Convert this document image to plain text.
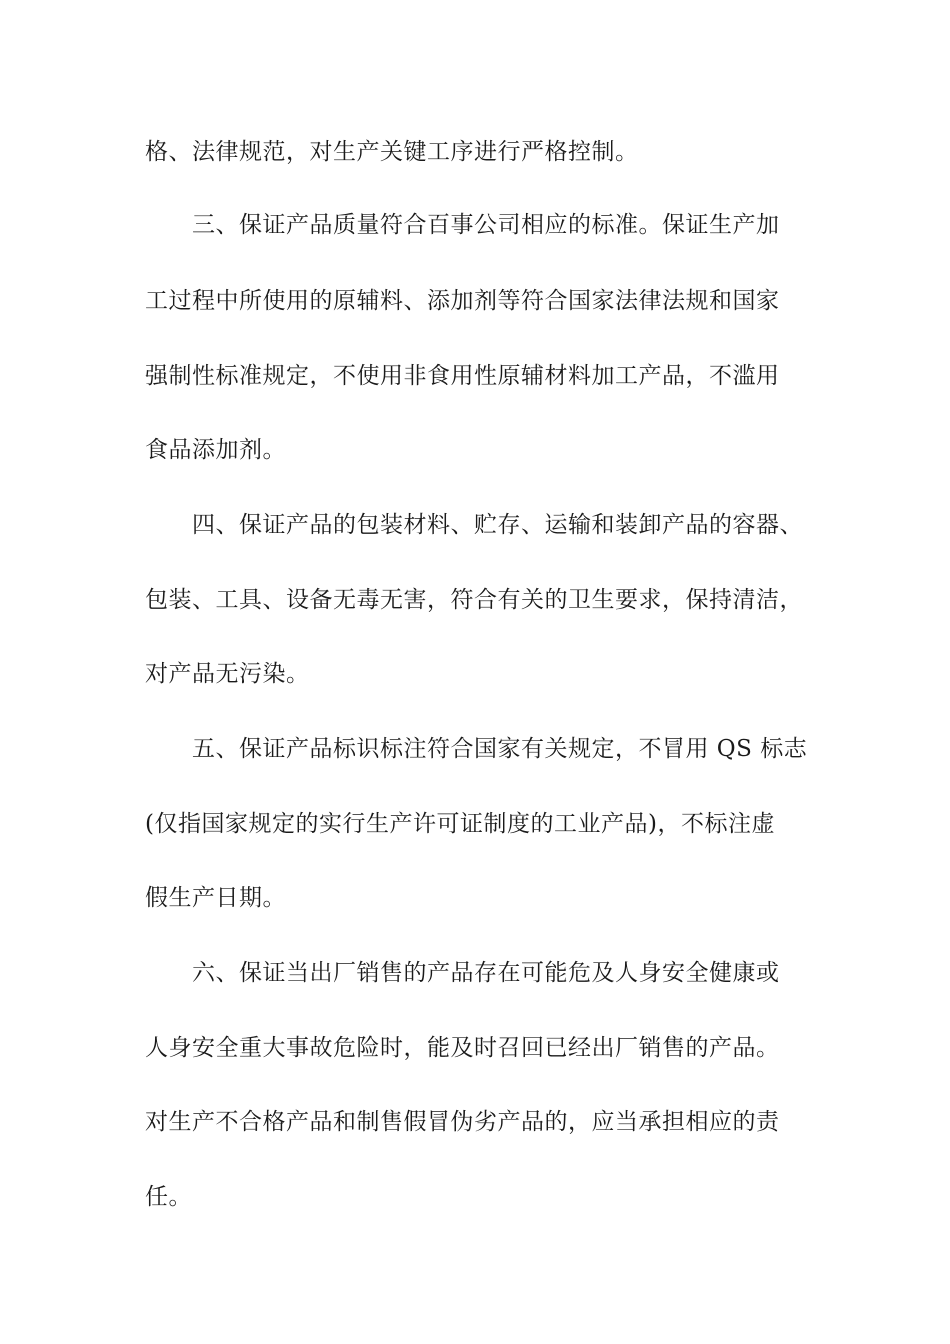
格、法律规范，对生产关键工序进行严格控制。

三、保证产品质量符合百事公司相应的标准。保证生产加

工过程中所使用的原辅料、添加剂等符合国家法律法规和国家

强制性标准规定，不使用非食用性原辅材料加工产品，不滥用

食品添加剂。

四、保证产品的包装材料、贮存、运输和装卸产品的容器、

包装、工具、设备无毒无害，符合有关的卫生要求，保持清洁，

对产品无污染。

五、保证产品标识标注符合国家有关规定，不冒用 QS 标志

(仅指国家规定的实行生产许可证制度的工业产品)，不标注虚

假生产日期。

六、保证当出厂销售的产品存在可能危及人身安全健康或

人身安全重大事故危险时，能及时召回已经出厂销售的产品。

对生产不合格产品和制售假冒伪劣产品的，应当承担相应的责

任。
